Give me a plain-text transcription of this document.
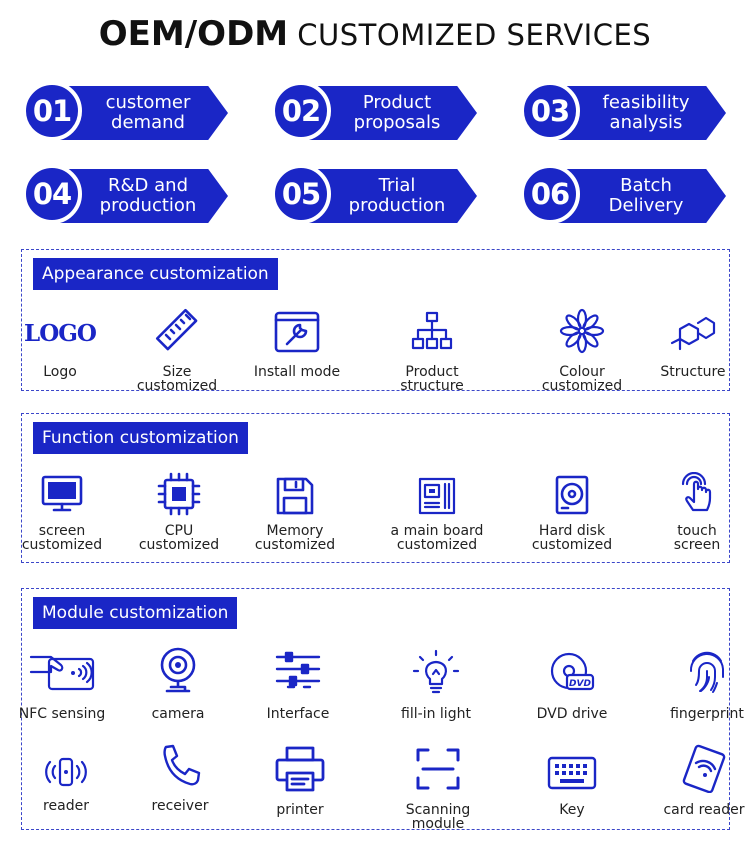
OEM/ODM CUSTOMIZED SERVICES
01	customer
demand	02	Product
proposals	03	feasibility
analysis
04	R&D and
production	05	Trial
production	06	Batch
Delivery
Appearance customization
LOGO
Logo	Size customized
Install mode	Product structure
Colour customized
Structure
Function customization
screen
customized
CPU
customized
Memory
customized
a main board
customized
Hard disk
customized
touch
screen
Module customization
NFC sensing	camera	Interface	fill-in light
DVD
DVD drive	fingerprint
reader	receiver	printer	Scanning module
Key	card reader
